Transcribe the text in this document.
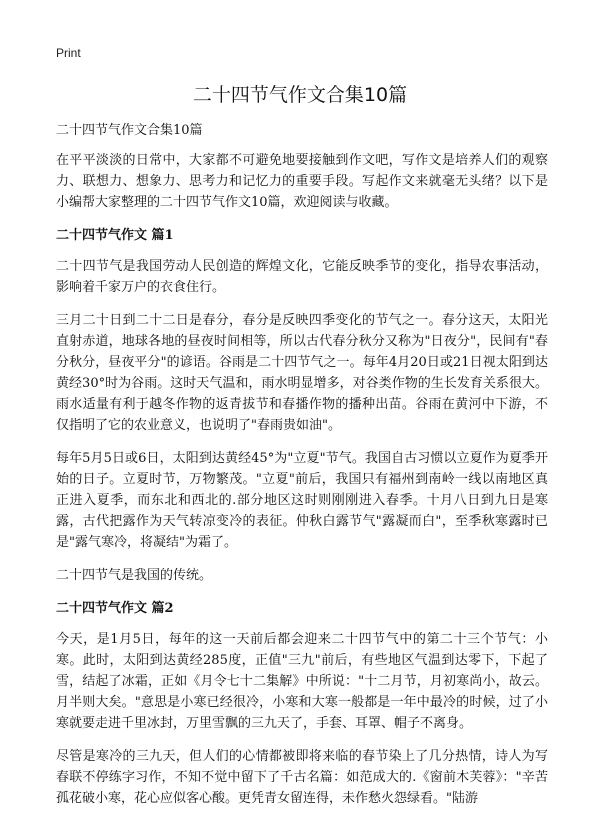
Print
二十四节气作文合集10篇

二十四节气作文合集10篇

在平平淡淡的日常中，大家都不可避免地要接触到作文吧，写作文是培养人们的观察力、联想力、想象力、思考力和记忆力的重要手段。写起作文来就毫无头绪？以下是小编帮大家整理的二十四节气作文10篇，欢迎阅读与收藏。

二十四节气作文 篇1

二十四节气是我国劳动人民创造的辉煌文化，它能反映季节的变化，指导农事活动，影响着千家万户的衣食住行。

三月二十日到二十二日是春分，春分是反映四季变化的节气之一。春分这天，太阳光直射赤道，地球各地的昼夜时间相等，所以古代春分秋分又称为"日夜分"，民间有"春分秋分，昼夜平分"的谚语。谷雨是二十四节气之一。每年4月20日或21日视太阳到达黄经30°时为谷雨。这时天气温和，雨水明显增多，对谷类作物的生长发育关系很大。雨水适量有利于越冬作物的返青拔节和春播作物的播种出苗。谷雨在黄河中下游，不仅指明了它的农业意义，也说明了"春雨贵如油"。

每年5月5日或6日，太阳到达黄经45°为"立夏"节气。我国自古习惯以立夏作为夏季开始的日子。立夏时节，万物繁茂。"立夏"前后，我国只有福州到南岭一线以南地区真正进入夏季，而东北和西北的.部分地区这时则刚刚进入春季。十月八日到九日是寒露，古代把露作为天气转凉变冷的表征。仲秋白露节气"露凝而白"，至季秋寒露时已是"露气寒冷，将凝结"为霜了。

二十四节气是我国的传统。

二十四节气作文 篇2

今天，是1月5日，每年的这一天前后都会迎来二十四节气中的第二十三个节气：小寒。此时，太阳到达黄经285度，正值"三九"前后，有些地区气温到达零下，下起了雪，结起了冰霜，正如《月令七十二集解》中所说："十二月节，月初寒尚小，故云。月半则大矣。"意思是小寒已经很冷，小寒和大寒一般都是一年中最冷的时候，过了小寒就要走进千里冰封，万里雪飘的三九天了，手套、耳罩、帽子不离身。

尽管是寒冷的三九天，但人们的心情都被即将来临的春节染上了几分热情，诗人为写春联不停练字习作，不知不觉中留下了千古名篇：如范成大的.《窗前木芙蓉》："辛苦孤花破小寒，花心应似客心酸。更凭青女留连得，未作愁火怨绿看。"陆游
